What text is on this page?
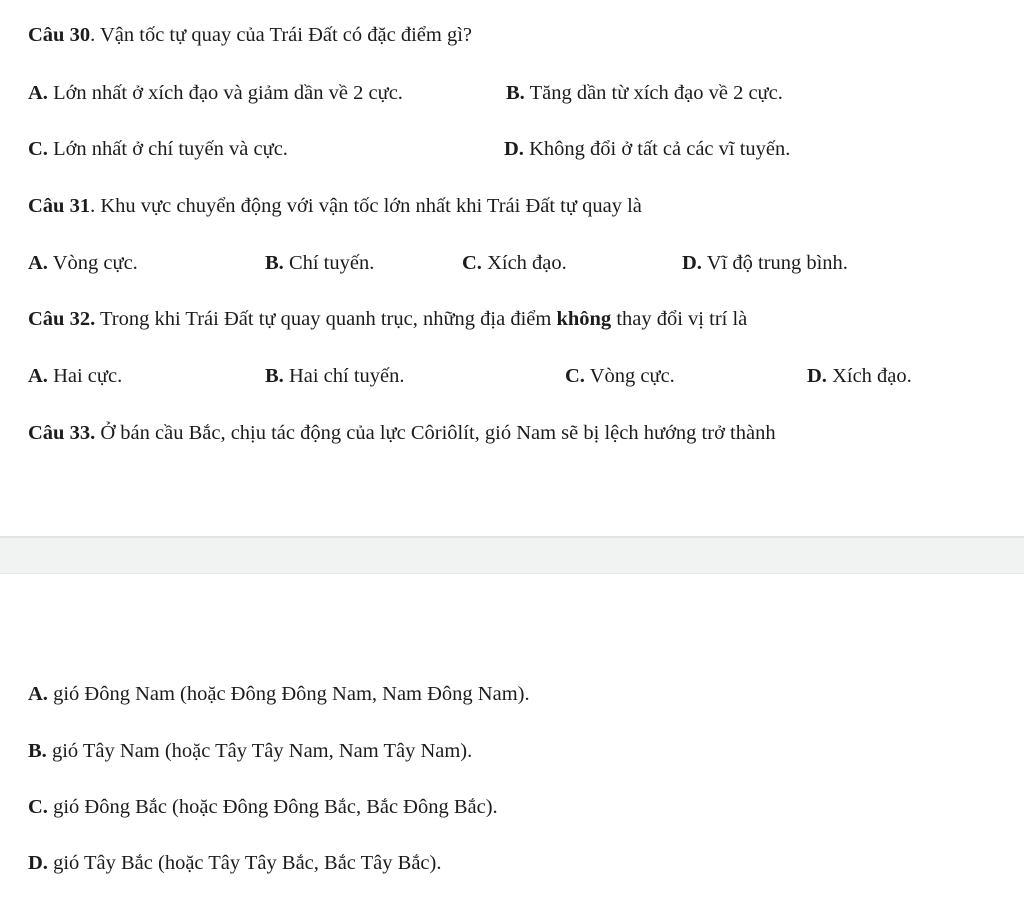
Câu 30. Vận tốc tự quay của Trái Đất có đặc điểm gì?
A. Lớn nhất ở xích đạo và giảm dần về 2 cực.	B. Tăng dần từ xích đạo về 2 cực.
C. Lớn nhất ở chí tuyến và cực.	D. Không đổi ở tất cả các vĩ tuyến.
Câu 31. Khu vực chuyển động với vận tốc lớn nhất khi Trái Đất tự quay là
A. Vòng cực.	B. Chí tuyến.	C. Xích đạo.	D. Vĩ độ trung bình.
Câu 32. Trong khi Trái Đất tự quay quanh trục, những địa điểm không thay đổi vị trí là
A. Hai cực.	B. Hai chí tuyến.	C. Vòng cực.	D. Xích đạo.
Câu 33. Ở bán cầu Bắc, chịu tác động của lực Côriôlít, gió Nam sẽ bị lệch hướng trở thành
A. gió Đông Nam (hoặc Đông Đông Nam, Nam Đông Nam).
B. gió Tây Nam (hoặc Tây Tây Nam, Nam Tây Nam).
C. gió Đông Bắc (hoặc Đông Đông Bắc, Bắc Đông Bắc).
D. gió Tây Bắc (hoặc Tây Tây Bắc, Bắc Tây Bắc).
